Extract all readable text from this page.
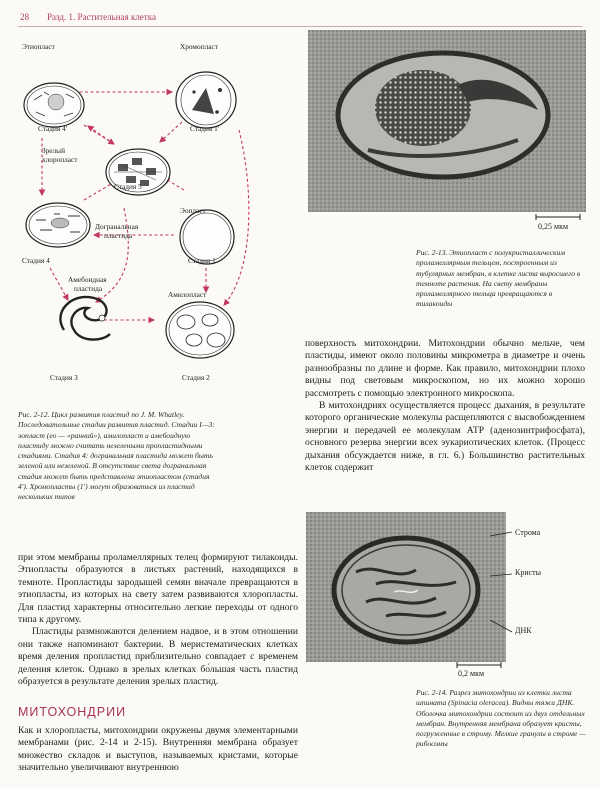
28 Разд. 1. Растительная клетка
Этиопласт	Хромопласт
Стадия 4'	Стадия 1'
Зрелый
хлоропласт
Стадия 5
Эопласт
Догранальная
пластида
Стадия 4	Стадия 1
Амебоидная
пластида
Амилопласт
Стадия 3	Стадия 2
Рис. 2-12. Цикл развития пластид по J. M. Whatley. Последовательные стадии развития пластид. Стадии I—3: эопласт (ео — «ранний»), амилопласт и амебоидную пластиду можно считать незелеными пропластидными стадиями. Стадия 4: догранальная пластида может быть зеленой или незеленой. В отсутствие света догранальная стадия может быть представлена этиопластом (стадия 4'). Хромопласты (1') могут образоваться из пластид нескольких типов
0,25 мкм
Рис. 2-13. Этиопласт с полукристаллическим проламеллярным тельцем, построенным из тубулярных мембран, в клетке листа выросшего в темноте растения. На свету мембраны проламеллярного тельца превращаются в тилакоиды

поверхность митохондрии. Митохондрии обычно мельче, чем пластиды, имеют около половины микрометра в диаметре и очень разнообразны по длине и форме. Как правило, митохондрии плохо видны под световым микроскопом, но их можно хорошо рассмотреть с помощью электронного микроскопа.

В митохондриях осуществляется процесс дыхания, в результате которого органические молекулы расщепляются с высвобождением энергии и передачей ее молекулам АТР (аденозинтрифосфата), основного резерва энергии всех эукариотических клеток. (Процесс дыхания обсуждается ниже, в гл. 6.) Большинство растительных клеток содержит

Строма
Кристы
ДНК
0,2 мкм
Рис. 2-14. Разрез митохондрии из клетки листа шпината (Spinacia oleracea). Видны тяжи ДНК. Оболочка митохондрии состоит из двух отдельных мембран. Внутренняя мембрана образует кристы, погруженные в строму. Мелкие гранулы в строме — рибосомы

при этом мембраны проламеллярных телец формируют тилакоиды. Этиопласты образуются в листьях растений, находящихся в темноте. Пропластиды зародышей семян вначале превращаются в этиопласты, из которых на свету затем развиваются хлоропласты. Для пластид характерны относительно легкие переходы от одного типа к другому.

Пластиды размножаются делением надвое, и в этом отношении они также напоминают бактерии. В меристематических клетках время деления пропластид приблизительно совпадает с временем деления клеток. Однако в зрелых клетках бо́льшая часть пластид образуется в результате деления зрелых пластид.

МИТОХОНДРИИ

Как и хлоропласты, митохондрии окружены двумя элементарными мембранами (рис. 2-14 и 2-15). Внутренняя мембрана образует множество складок и выступов, называемых кристами, которые значительно увеличивают внутреннюю
